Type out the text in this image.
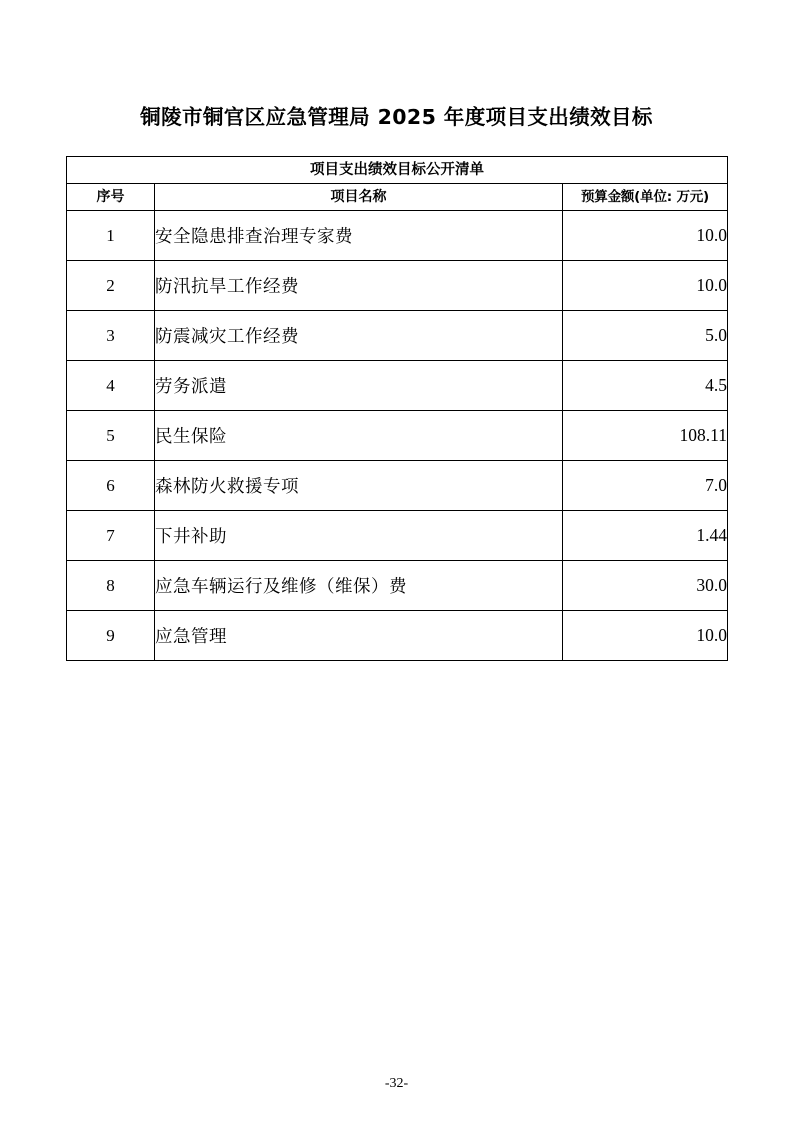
铜陵市铜官区应急管理局 2025 年度项目支出绩效目标
项目支出绩效目标公开清单		
序号	项目名称	预算金额(单位: 万元)
1	安全隐患排查治理专家费	10.0
2	防汛抗旱工作经费	10.0
3	防震减灾工作经费	5.0
4	劳务派遣	4.5
5	民生保险	108.11
6	森林防火救援专项	7.0
7	下井补助	1.44
8	应急车辆运行及维修（维保）费	30.0
9	应急管理	10.0
-32-
